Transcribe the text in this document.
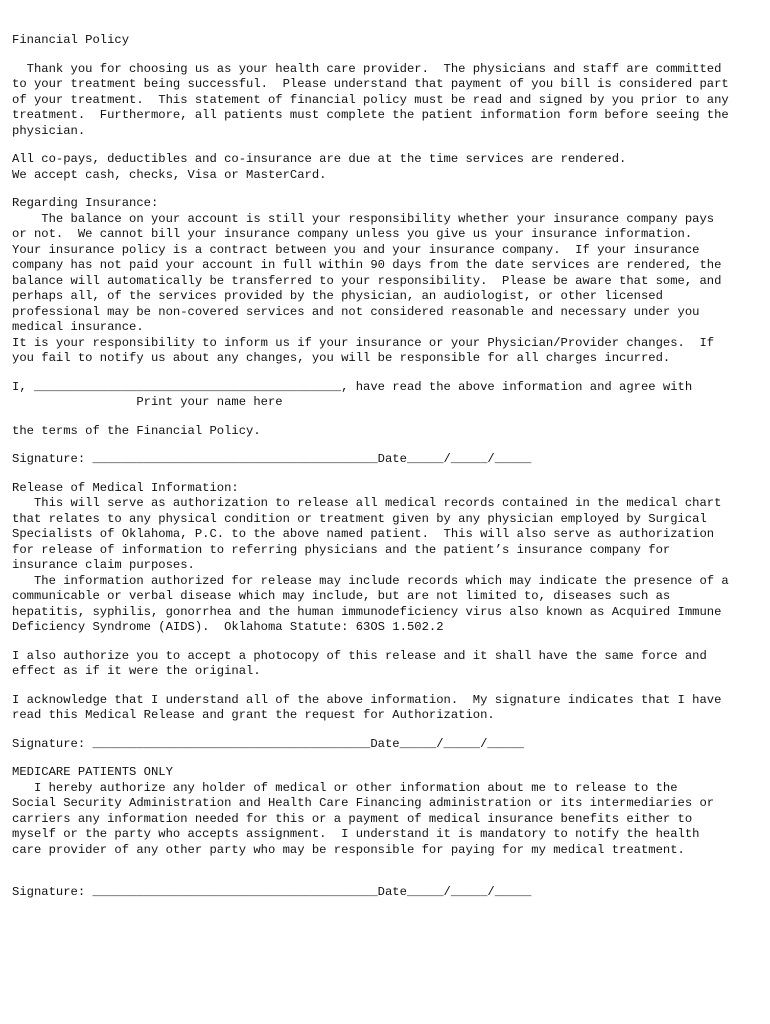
Financial Policy
Thank you for choosing us as your health care provider.  The physicians and staff are committed
to your treatment being successful.  Please understand that payment of you bill is considered part
of your treatment.  This statement of financial policy must be read and signed by you prior to any
treatment.  Furthermore, all patients must complete the patient information form before seeing the
physician.
All co-pays, deductibles and co-insurance are due at the time services are rendered.
We accept cash, checks, Visa or MasterCard.
Regarding Insurance:
The balance on your account is still your responsibility whether your insurance company pays
or not.  We cannot bill your insurance company unless you give us your insurance information.
Your insurance policy is a contract between you and your insurance company.  If your insurance
company has not paid your account in full within 90 days from the date services are rendered, the
balance will automatically be transferred to your responsibility.  Please be aware that some, and
perhaps all, of the services provided by the physician, an audiologist, or other licensed
professional may be non-covered services and not considered reasonable and necessary under you
medical insurance.
It is your responsibility to inform us if your insurance or your Physician/Provider changes.  If
you fail to notify us about any changes, you will be responsible for all charges incurred.
I, __________________________________________, have read the above information and agree with
Print your name here
the terms of the Financial Policy.
Signature: _______________________________________Date_____/_____/_____
Release of Medical Information:
This will serve as authorization to release all medical records contained in the medical chart
that relates to any physical condition or treatment given by any physician employed by Surgical
Specialists of Oklahoma, P.C. to the above named patient.  This will also serve as authorization
for release of information to referring physicians and the patient’s insurance company for
insurance claim purposes.
The information authorized for release may include records which may indicate the presence of a
communicable or verbal disease which may include, but are not limited to, diseases such as
hepatitis, syphilis, gonorrhea and the human immunodeficiency virus also known as Acquired Immune
Deficiency Syndrome (AIDS).  Oklahoma Statute: 63OS 1.502.2
I also authorize you to accept a photocopy of this release and it shall have the same force and
effect as if it were the original.
I acknowledge that I understand all of the above information.  My signature indicates that I have
read this Medical Release and grant the request for Authorization.
Signature: ______________________________________Date_____/_____/_____
MEDICARE PATIENTS ONLY
I hereby authorize any holder of medical or other information about me to release to the
Social Security Administration and Health Care Financing administration or its intermediaries or
carriers any information needed for this or a payment of medical insurance benefits either to
myself or the party who accepts assignment.  I understand it is mandatory to notify the health
care provider of any other party who may be responsible for paying for my medical treatment.
Signature: _______________________________________Date_____/_____/_____
